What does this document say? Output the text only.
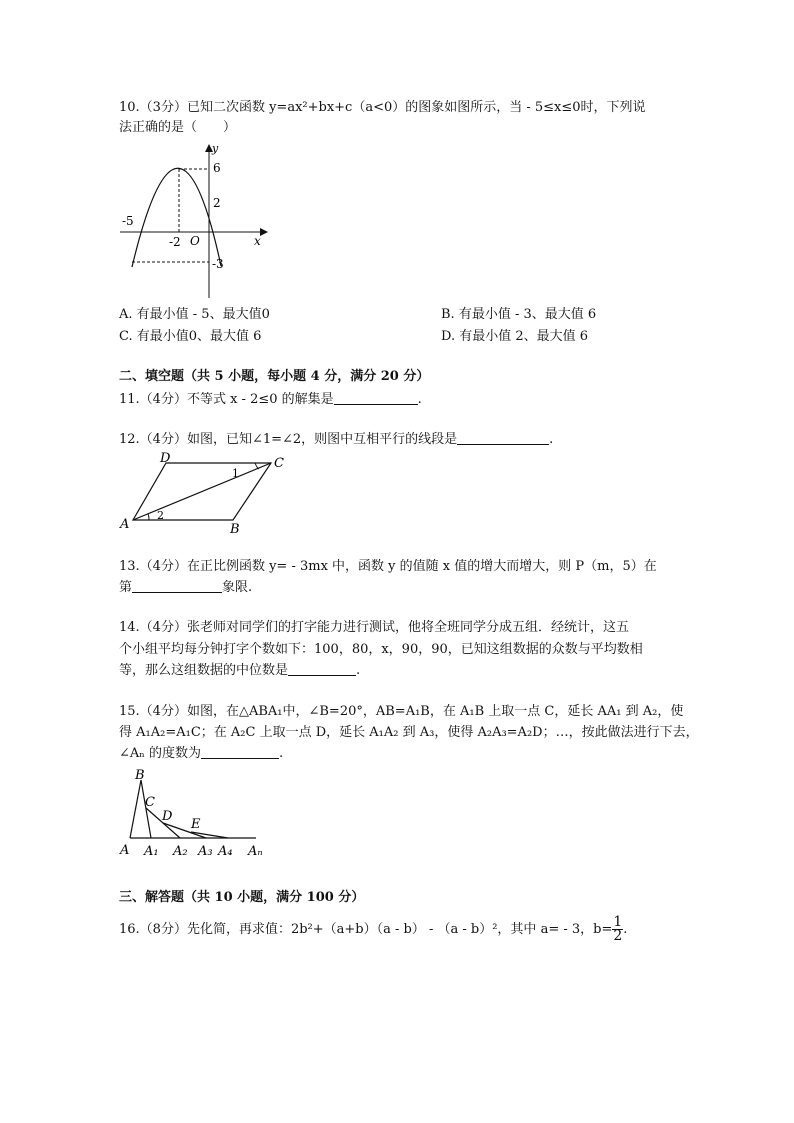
10.（3分）已知二次函数 y=ax²+bx+c（a<0）的图象如图所示，当 - 5≤x≤0时，下列说
法正确的是（　　）
y
x
O
6
2
-3
-5
-2
A. 有最小值 - 5、最大值0	B. 有最小值 - 3、最大值 6
C. 有最小值0、最大值 6	D. 有最小值 2、最大值 6
二、填空题（共 5 小题，每小题 4 分，满分 20 分）
11.（4分）不等式 x - 2≤0 的解集是	.
12.（4分）如图，已知∠1=∠2，则图中互相平行的线段是	.
D	C
A	B
1
2
13.（4分）在正比例函数 y= - 3mx 中，函数 y 的值随 x 值的增大而增大，则 P（m，5）在
第	象限.
14.（4分）张老师对同学们的打字能力进行测试，他将全班同学分成五组．经统计，这五
个小组平均每分钟打字个数如下：100，80，x，90，90，已知这组数据的众数与平均数相
等，那么这组数据的中位数是	.
15.（4分）如图，在△ABA₁中，∠B=20°，AB=A₁B，在 A₁B 上取一点 C，延长 AA₁ 到 A₂，使
得 A₁A₂=A₁C；在 A₂C 上取一点 D，延长 A₁A₂ 到 A₃，使得 A₂A₃=A₂D；…，按此做法进行下去，
∠Aₙ 的度数为	.
B
C
D
E
A A₁ A₂ A₃ A₄ Aₙ
三、解答题（共 10 小题，满分 100 分）
16.（8分）先化简，再求值：2b²+（a+b）（a - b） - （a - b）²，其中 a= - 3，$b= \frac{1}{2}$ .
